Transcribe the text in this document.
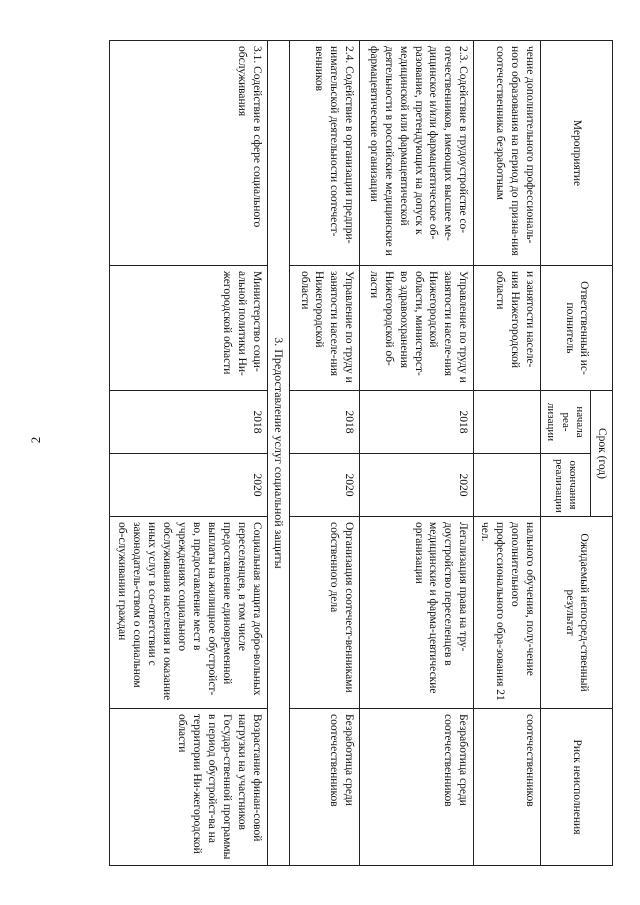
2
Мероприятие	Ответственный ис-полнитель	Срок (год)		Ожидаемый непосред-ственный результат	Риск неисполнения
		начала реа-лизации	окончания реализации		
чение дополнительного профессиональ-ного образования на период до призна-ния соотечественника безработным	и занятости населе-ния Нижегородской области			нального обучения, полу-чение дополнительного профессионального обра-зования 21 чел.	соотечественников
2.3. Содействие в трудоустройстве со-отечественников, имеющих высшее ме-дицинское и/или фармацевтическое об-разование, претендующих на допуск к медицинской или фармацевтической деятельности в российские медицинские и фармацевтические организации	Управление по труду и занятости населе-ния Нижегородской области, министерст-во здравоохранения Нижегородской об-ласти	2018	2020	Легализация права на тру-доустройство переселенцев в медицинские и фарма-цевтические организации	Безработица среди соотечественников
2.4. Содействие в организации предпри-нимательской деятельности соотечест-венников	Управление по труду и занятости населе-ния Нижегородской области	2018	2020	Организация соотечест-венниками собственного дела	Безработица среди соотечественников
3. Предоставление услуг социальной защиты					
3.1. Содействие в сфере социального обслуживания	Министерство соци-альной политики Ни-жегородской области	2018	2020	Социальная защита добро-вольных переселенцев, в том числе предоставление единовременной выплаты на жилищное обустройст-во, предоставление мест в учреждениях социального обслуживания населения и оказание иных услуг в со-ответствии с законодатель-ством о социальном об-служивании граждан	Возрастание финан-совой нагрузки на участников Государ-ственной программы в период обустройст-ва на территории Ни-жегородской области
